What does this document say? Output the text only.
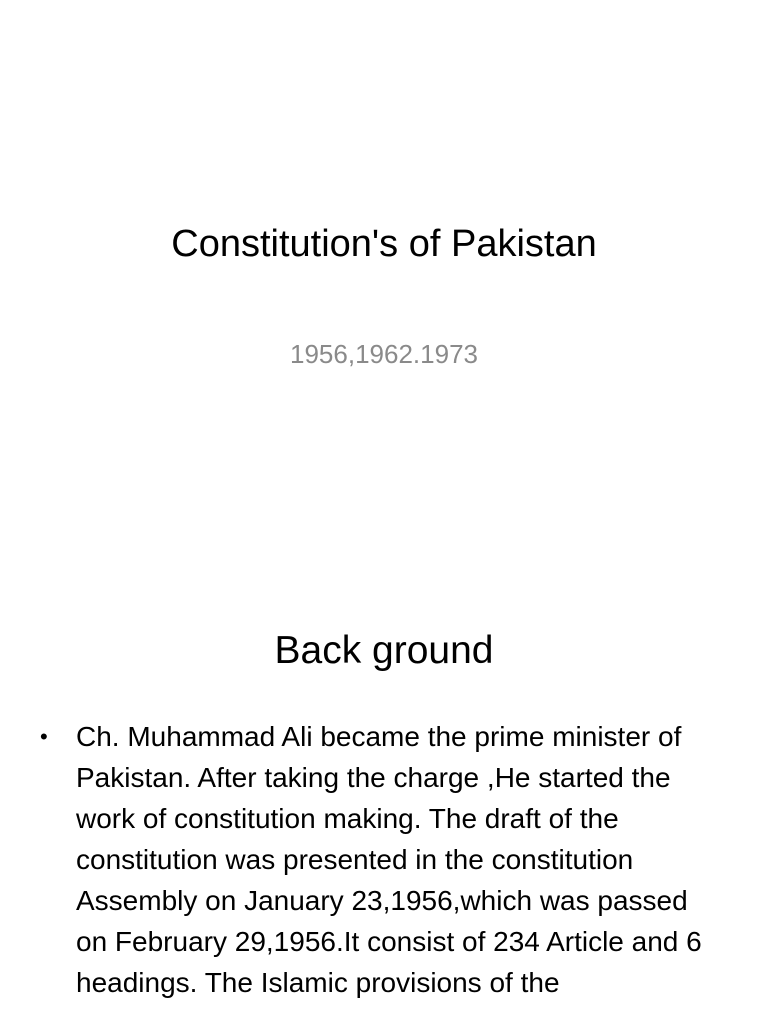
Constitution's of Pakistan
1956,1962.1973
Back ground
• Ch. Muhammad Ali became the prime minister of Pakistan. After taking the charge ,He started the work of constitution making. The draft of the constitution was presented in the constitution Assembly on January 23,1956,which was passed on February 29,1956.It consist of 234 Article and 6 headings. The Islamic provisions of the
